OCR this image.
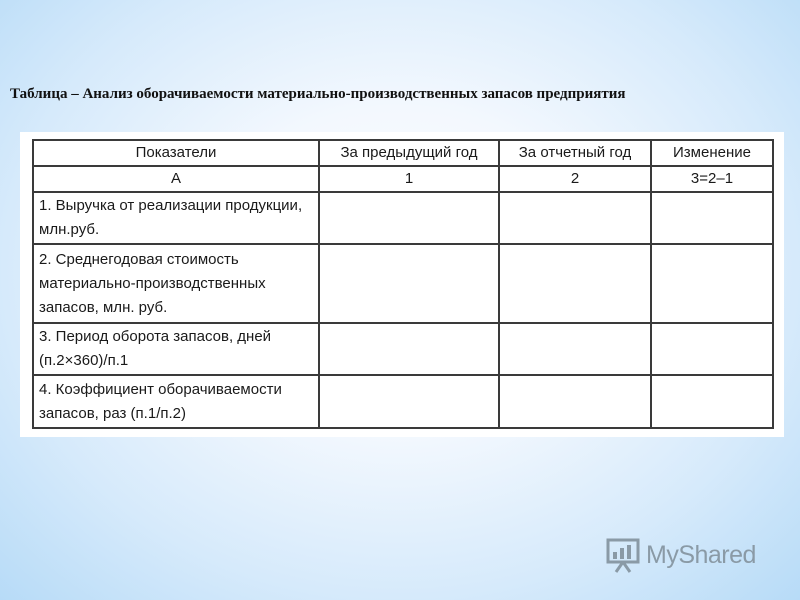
Таблица – Анализ оборачиваемости материально-производственных запасов предприятия
Показатели	За предыдущий год	За отчетный год	Изменение
А	1	2	3=2–1
1. Выручка от реализации продукции, млн.руб.			
2. Среднегодовая стоимость материально-производственных запасов, млн. руб.			
3. Период оборота запасов, дней (п.2×360)/п.1			
4. Коэффициент оборачиваемости запасов, раз (п.1/п.2)			
MyShared
